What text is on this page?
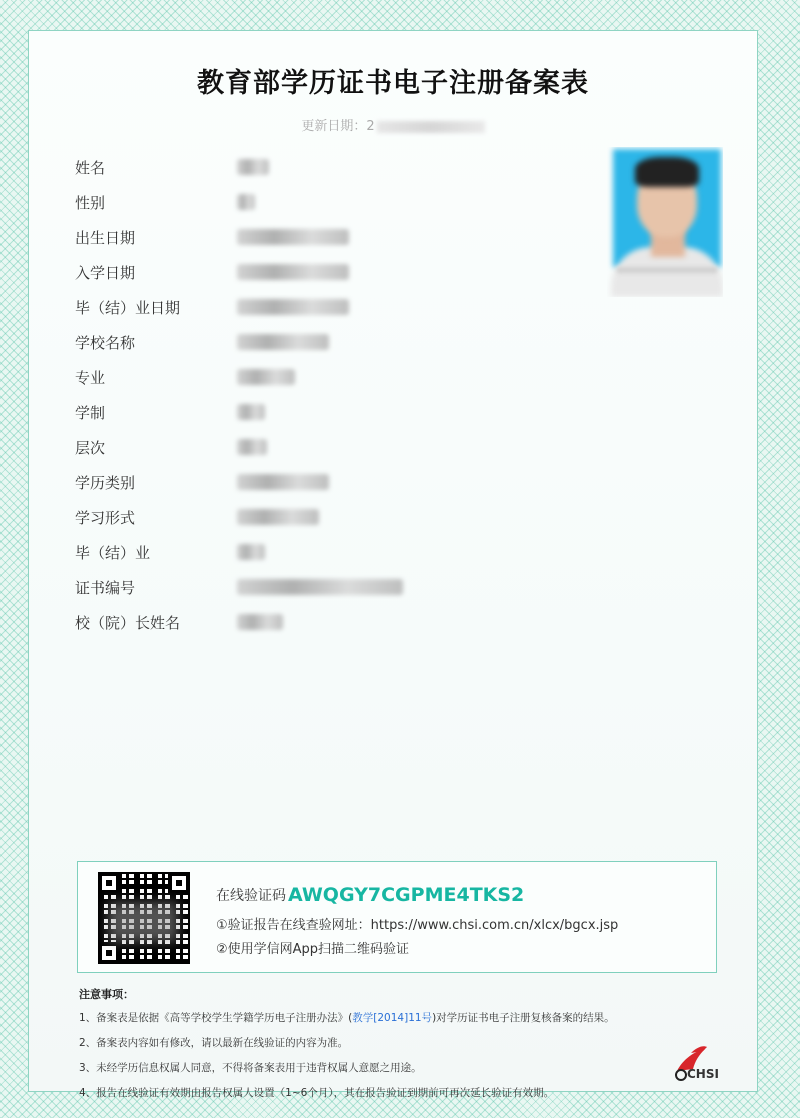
教育部学历证书电子注册备案表
更新日期：2
姓名
性别
出生日期
入学日期
毕（结）业日期
学校名称
专业
学制
层次
学历类别
学习形式
毕（结）业
证书编号
校（院）长姓名
在线验证码 AWQGY7CGPME4TKS2
①验证报告在线查验网址：https://www.chsi.com.cn/xlcx/bgcx.jsp
②使用学信网App扫描二维码验证
注意事项：
1、备案表是依据《高等学校学生学籍学历电子注册办法》(教学[2014]11号)对学历证书电子注册复核备案的结果。
2、备案表内容如有修改，请以最新在线验证的内容为准。
3、未经学历信息权属人同意，不得将备案表用于违背权属人意愿之用途。
4、报告在线验证有效期由报告权属人设置（1~6个月），其在报告验证到期前可再次延长验证有效期。
CHSI
